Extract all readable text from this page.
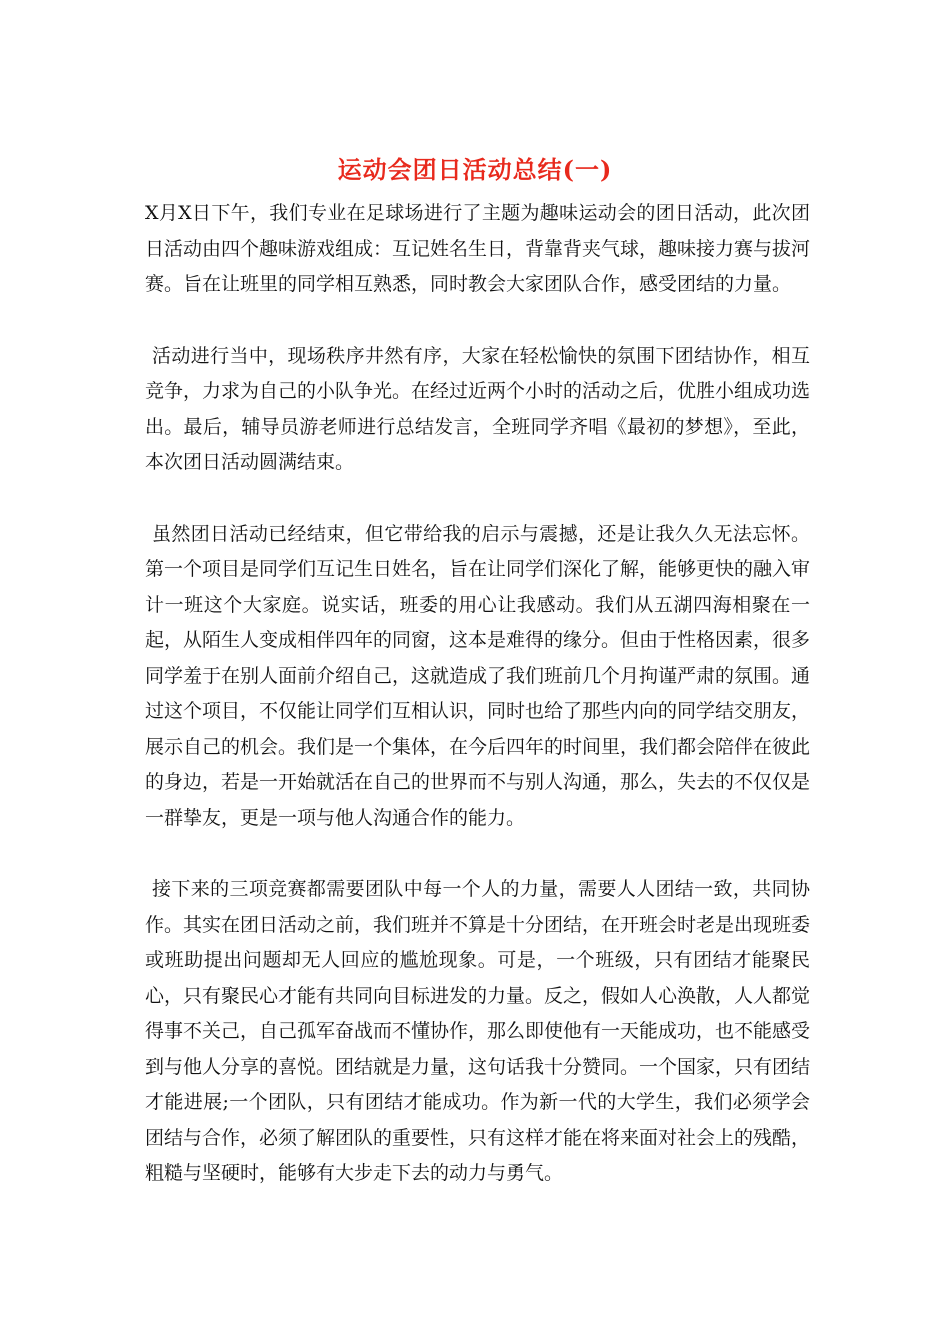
运动会团日活动总结(一)

X月X日下午，我们专业在足球场进行了主题为趣味运动会的团日活动，此次团日活动由四个趣味游戏组成：互记姓名生日，背靠背夹气球，趣味接力赛与拔河赛。旨在让班里的同学相互熟悉，同时教会大家团队合作，感受团结的力量。

活动进行当中，现场秩序井然有序，大家在轻松愉快的氛围下团结协作，相互竞争，力求为自己的小队争光。在经过近两个小时的活动之后，优胜小组成功选出。最后，辅导员游老师进行总结发言，全班同学齐唱《最初的梦想》，至此，本次团日活动圆满结束。

虽然团日活动已经结束，但它带给我的启示与震撼，还是让我久久无法忘怀。第一个项目是同学们互记生日姓名，旨在让同学们深化了解，能够更快的融入审计一班这个大家庭。说实话，班委的用心让我感动。我们从五湖四海相聚在一起，从陌生人变成相伴四年的同窗，这本是难得的缘分。但由于性格因素，很多同学羞于在别人面前介绍自己，这就造成了我们班前几个月拘谨严肃的氛围。通过这个项目，不仅能让同学们互相认识，同时也给了那些内向的同学结交朋友，展示自己的机会。我们是一个集体，在今后四年的时间里，我们都会陪伴在彼此的身边，若是一开始就活在自己的世界而不与别人沟通，那么，失去的不仅仅是一群挚友，更是一项与他人沟通合作的能力。

接下来的三项竞赛都需要团队中每一个人的力量，需要人人团结一致，共同协作。其实在团日活动之前，我们班并不算是十分团结，在开班会时老是出现班委或班助提出问题却无人回应的尴尬现象。可是，一个班级，只有团结才能聚民心，只有聚民心才能有共同向目标进发的力量。反之，假如人心涣散，人人都觉得事不关己，自己孤军奋战而不懂协作，那么即使他有一天能成功，也不能感受到与他人分享的喜悦。团结就是力量，这句话我十分赞同。一个国家，只有团结才能进展;一个团队，只有团结才能成功。作为新一代的大学生，我们必须学会团结与合作，必须了解团队的重要性，只有这样才能在将来面对社会上的残酷，粗糙与坚硬时，能够有大步走下去的动力与勇气。
